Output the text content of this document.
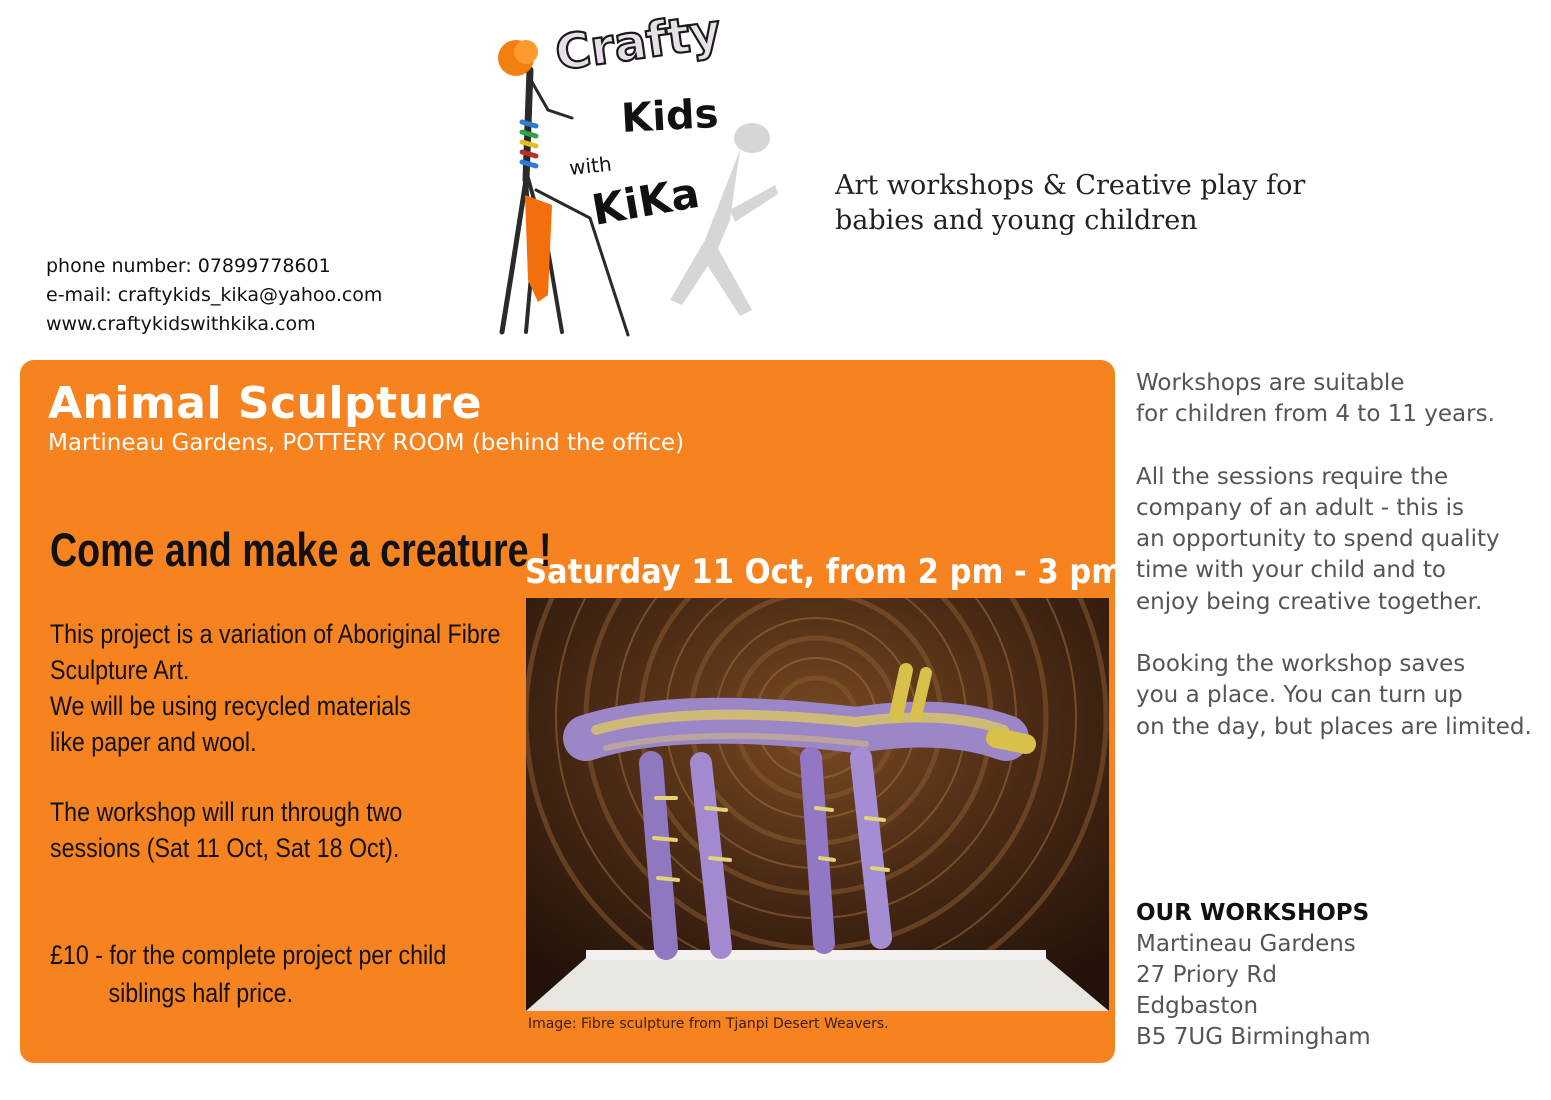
phone number: 07899778601
e-mail: craftykids_kika@yahoo.com
www.craftykidswithkika.com
Crafty
Kids
with
KiKa	Art workshops & Creative play for
babies and young children
Animal Sculpture
Martineau Gardens, POTTERY ROOM (behind the office)
Come and make a creature !
Saturday 11 Oct, from 2 pm - 3 pm
This project is a variation of Aboriginal Fibre
Sculpture Art.
We will be using recycled materials
like paper and wool.
The workshop will run through two
sessions (Sat 11 Oct, Sat 18 Oct).
£10 - for the complete project per child
siblings half price.
Image: Fibre sculpture from Tjanpi Desert Weavers.
Workshops are suitable
for children from 4 to 11 years.
All the sessions require the
company of an adult - this is
an opportunity to spend quality
time with your child and to
enjoy being creative together.
Booking the workshop saves
you a place. You can turn up
on the day, but places are limited.
OUR WORKSHOPS
Martineau Gardens
27 Priory Rd
Edgbaston
B5 7UG Birmingham
